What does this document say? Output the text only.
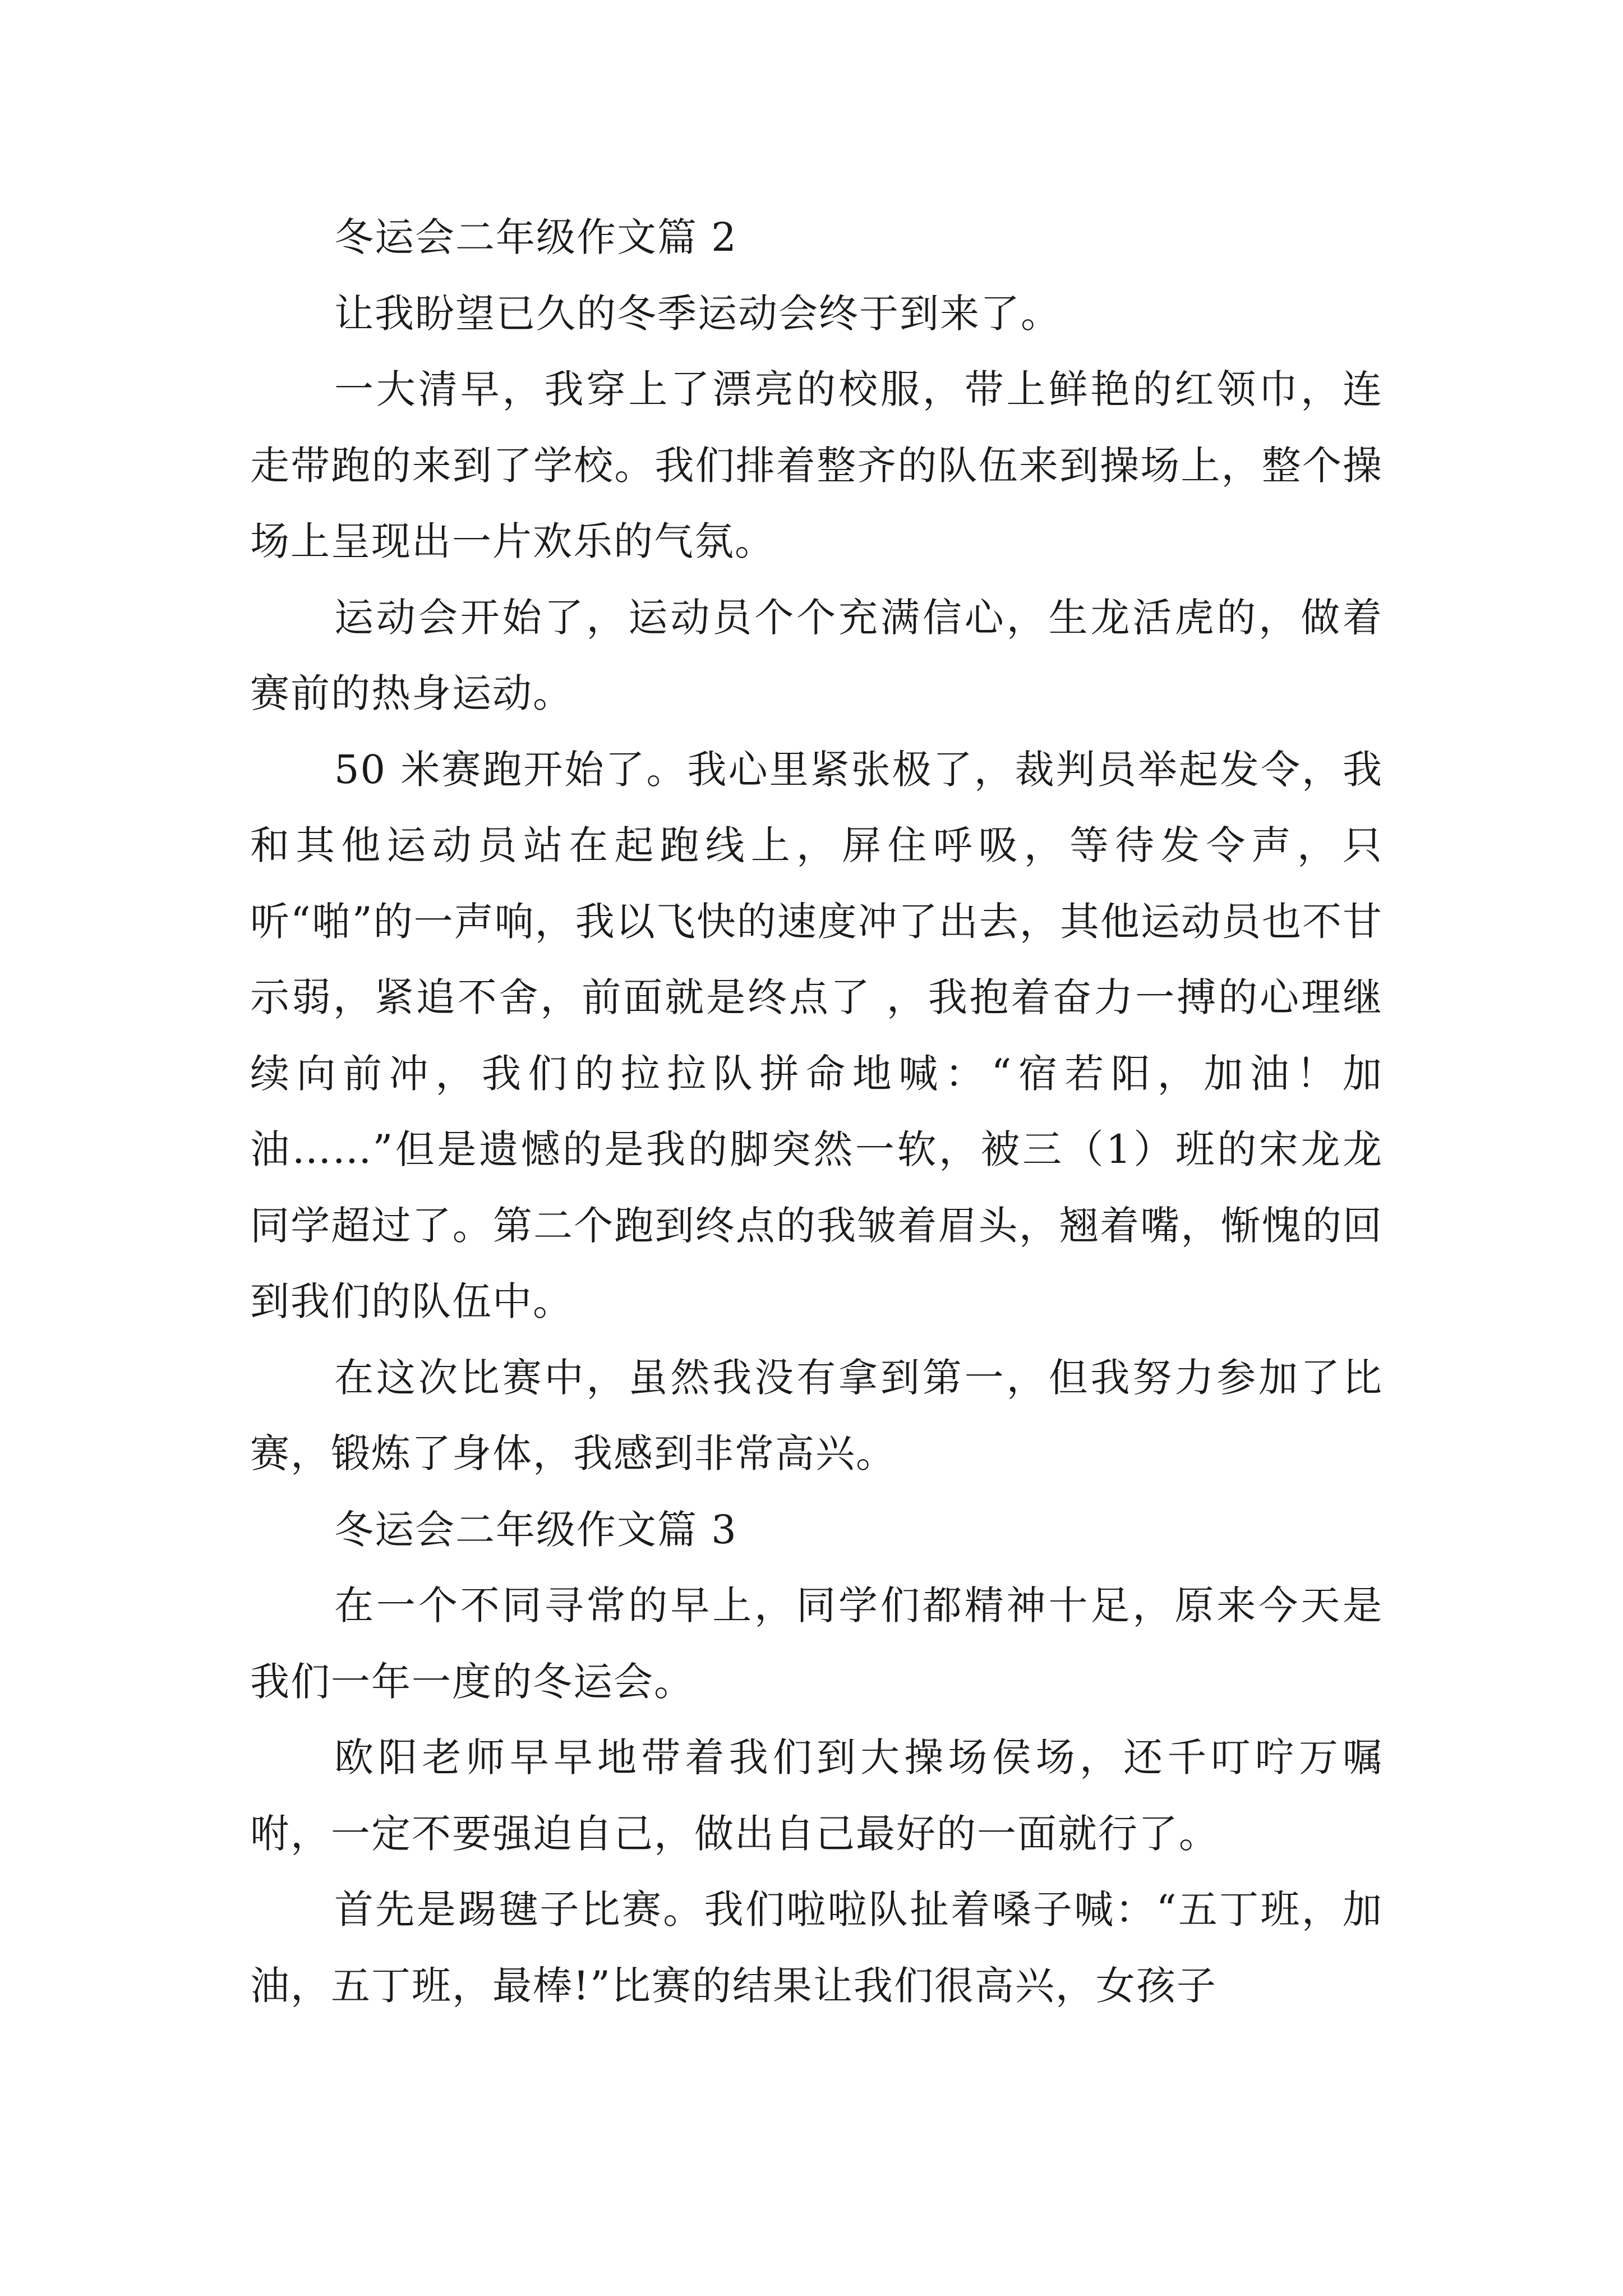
冬运会二年级作文篇 2

让我盼望已久的冬季运动会终于到来了。

一大清早，我穿上了漂亮的校服，带上鲜艳的红领巾，连走带跑的来到了学校。我们排着整齐的队伍来到操场上，整个操场上呈现出一片欢乐的气氛。

运动会开始了，运动员个个充满信心，生龙活虎的，做着赛前的热身运动。

50 米赛跑开始了。我心里紧张极了，裁判员举起发令，我和其他运动员站在起跑线上，屏住呼吸，等待发令声，只听“啪”的一声响，我以飞快的速度冲了出去，其他运动员也不甘示弱，紧追不舍，前面就是终点了 ，我抱着奋力一搏的心理继续向前冲，我们的拉拉队拼命地喊：“宿若阳，加油！加油……”但是遗憾的是我的脚突然一软，被三（1）班的宋龙龙同学超过了。第二个跑到终点的我皱着眉头，翘着嘴，惭愧的回到我们的队伍中。

在这次比赛中，虽然我没有拿到第一，但我努力参加了比赛，锻炼了身体，我感到非常高兴。

冬运会二年级作文篇 3

在一个不同寻常的早上，同学们都精神十足，原来今天是我们一年一度的冬运会。

欧阳老师早早地带着我们到大操场侯场，还千叮咛万嘱咐，一定不要强迫自己，做出自己最好的一面就行了。

首先是踢毽子比赛。我们啦啦队扯着嗓子喊：“五丁班，加油，五丁班，最棒!”比赛的结果让我们很高兴，女孩子
